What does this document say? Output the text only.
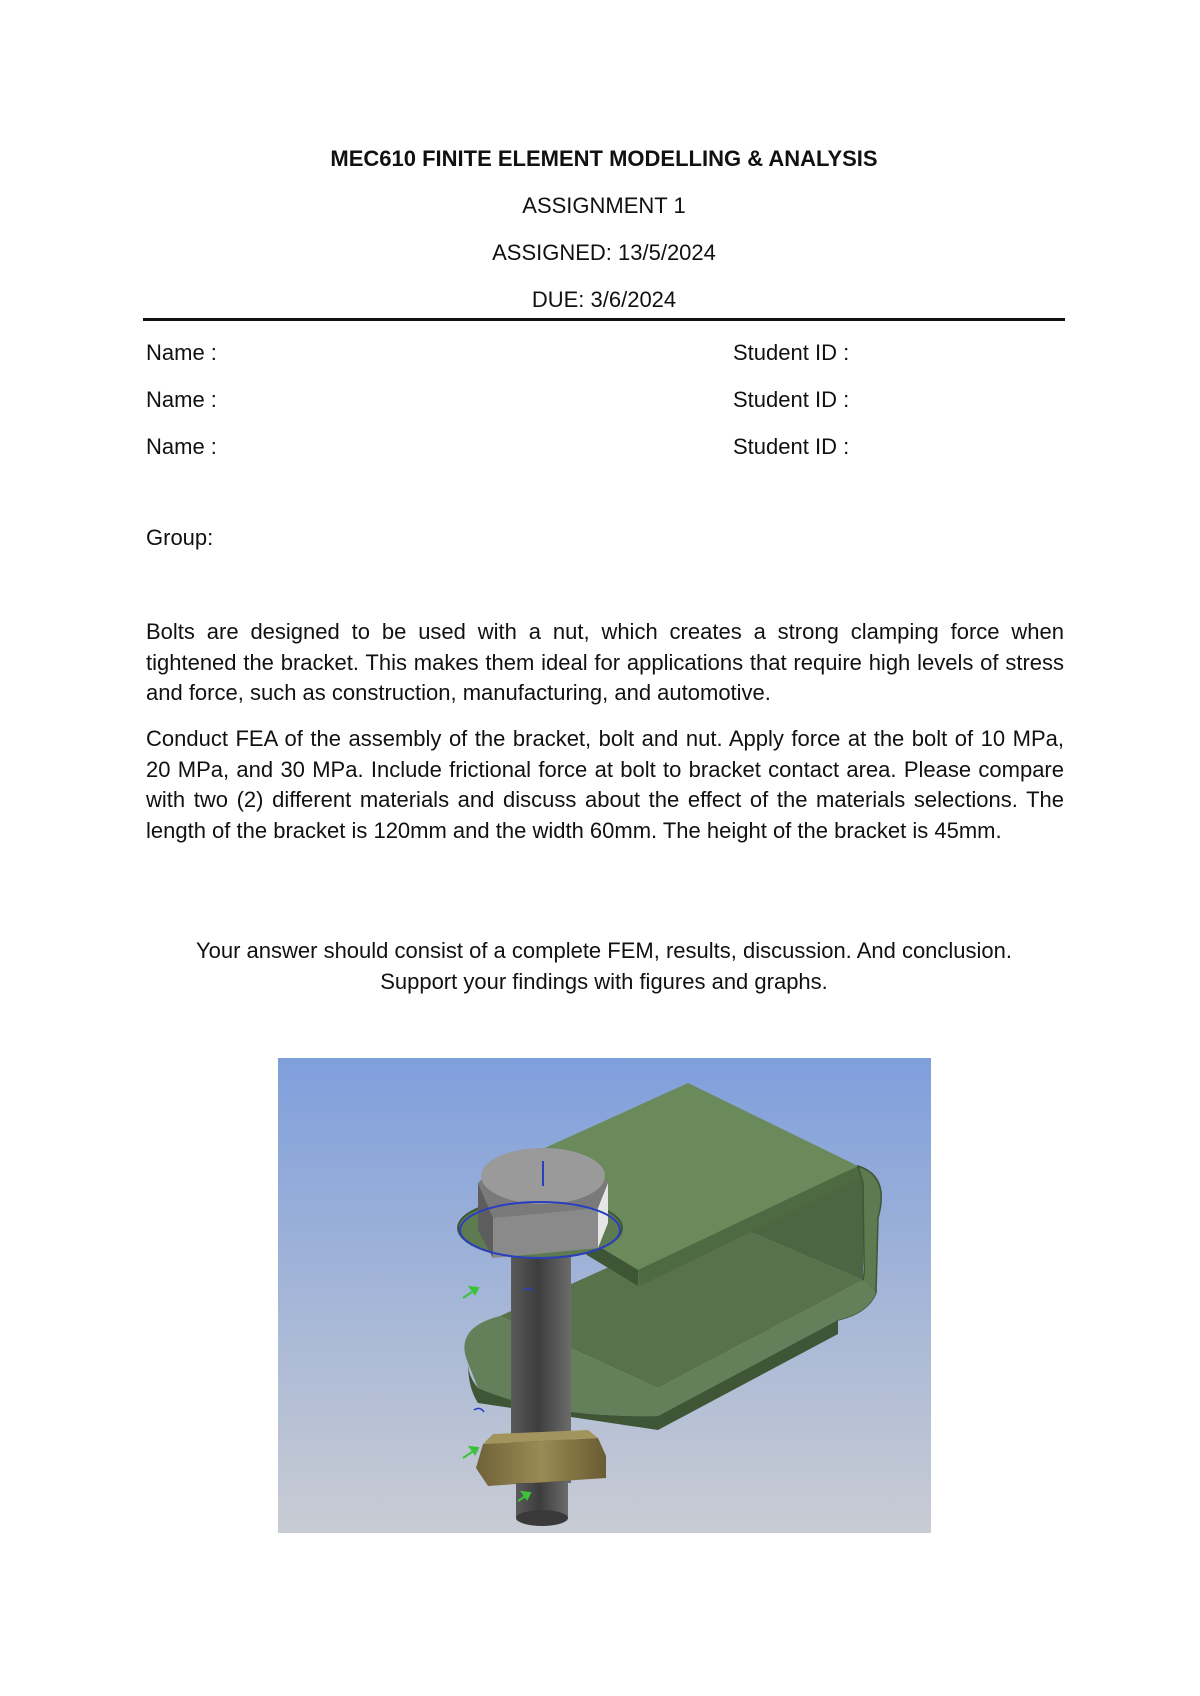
MEC610 FINITE ELEMENT MODELLING & ANALYSIS
ASSIGNMENT 1
ASSIGNED: 13/5/2024
DUE: 3/6/2024
Name :	Student ID :
Name :	Student ID :
Name :	Student ID :
Group:

Bolts are designed to be used with a nut, which creates a strong clamping force when tightened the bracket. This makes them ideal for applications that require high levels of stress and force, such as construction, manufacturing, and automotive.

Conduct FEA of the assembly of the bracket, bolt and nut. Apply force at the bolt of 10 MPa, 20 MPa, and 30 MPa. Include frictional force at bolt to bracket contact area. Please compare with two (2) different materials and discuss about the effect of the materials selections. The length of the bracket is 120mm and the width 60mm. The height of the bracket is 45mm.

Your answer should consist of a complete FEM, results, discussion. And conclusion.
Support your findings with figures and graphs.
